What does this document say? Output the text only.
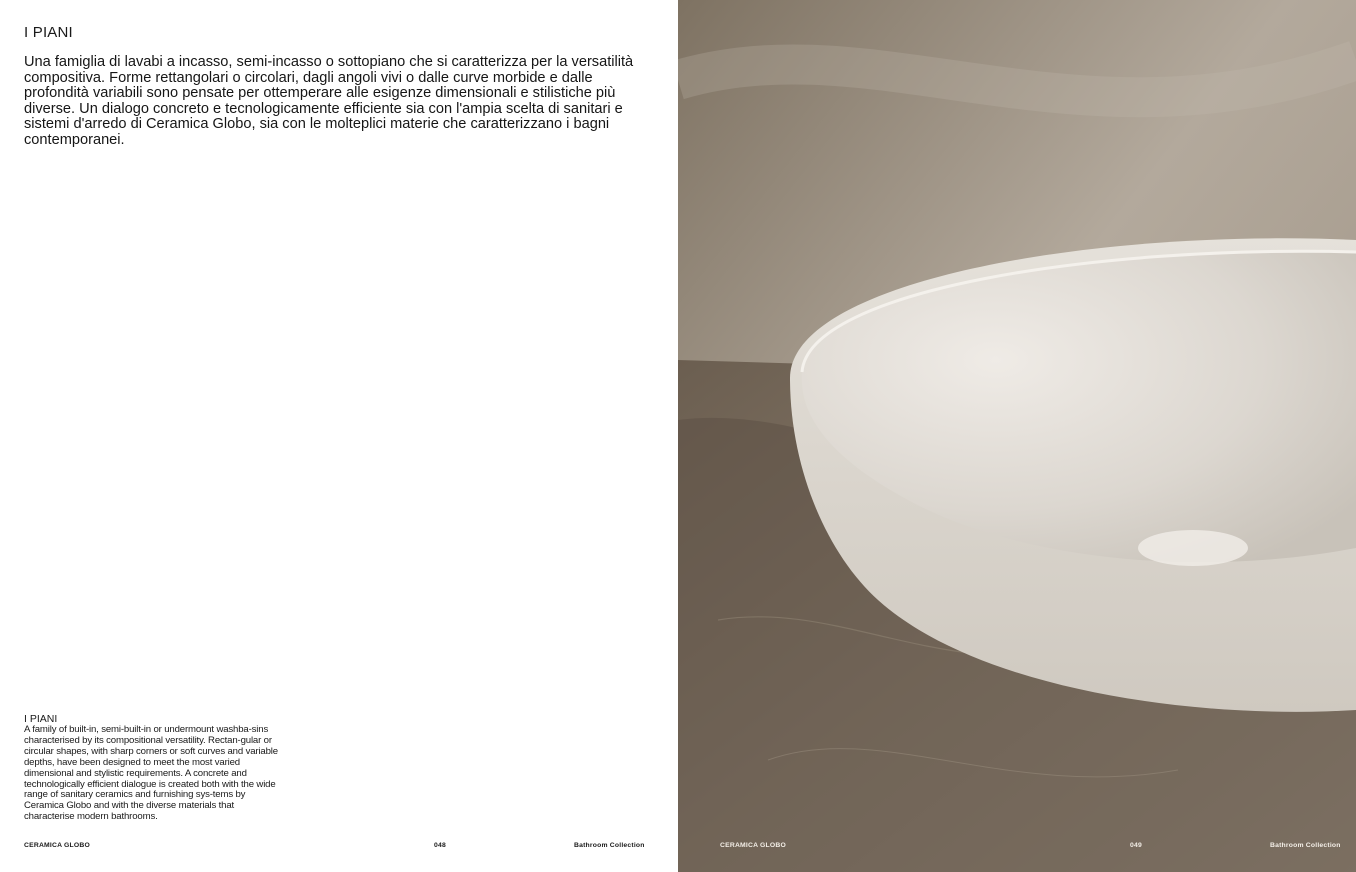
I PIANI
Una famiglia di lavabi a incasso, semi-incasso o sottopiano che si caratterizza per la versatilità compositiva. Forme rettangolari o circolari, dagli angoli vivi o dalle curve morbide e dalle profondità variabili sono pensate per ottemperare alle esigenze dimensionali e stilistiche più diverse. Un dialogo concreto e tecnologicamente efficiente sia con l'ampia scelta di sanitari e sistemi d'arredo di Ceramica Globo, sia con le molteplici materie che caratterizzano i bagni contemporanei.
I PIANI
A family of built-in, semi-built-in or undermount washba-sins characterised by its compositional versatility. Rectan-gular or circular shapes, with sharp corners or soft curves and variable depths, have been designed to meet the most varied dimensional and stylistic requirements. A concrete and technologically efficient dialogue is created both with the wide range of sanitary ceramics and furnishing sys-tems by Ceramica Globo and with the diverse materials that characterise modern bathrooms.
CERAMICA GLOBO	048	Bathroom Collection	CERAMICA GLOBO	049	Bathroom Collection
